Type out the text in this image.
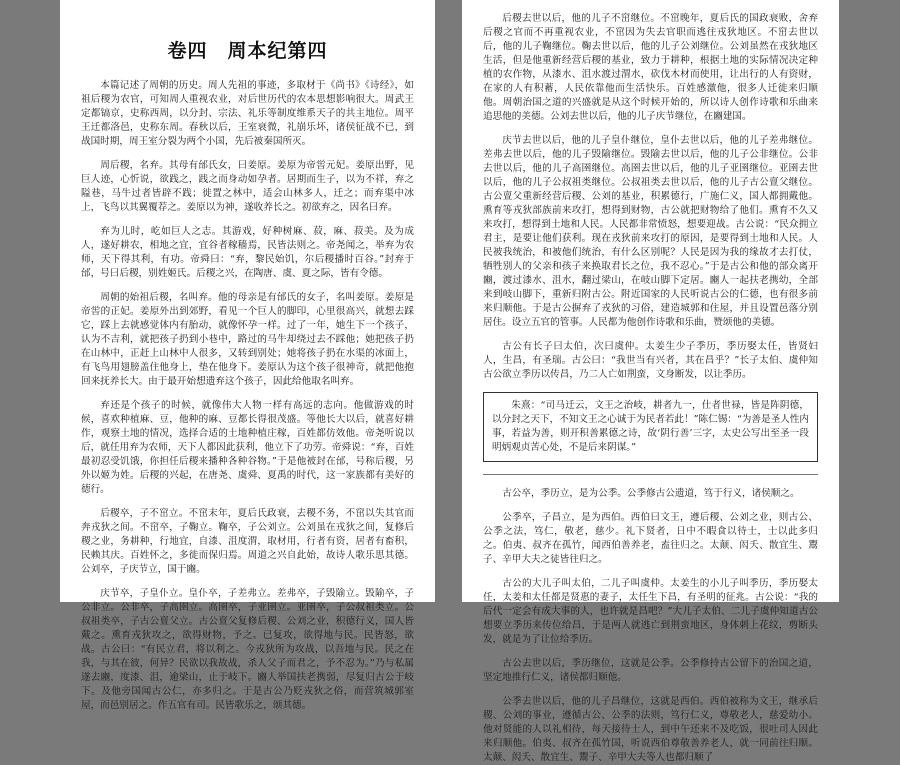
卷四　周本纪第四

本篇记述了周朝的历史。周人先祖的事迹，多取材于《尚书》《诗经》，如祖后稷为农官，可知周人重视农业，对后世历代的农本思想影响很大。周武王定都镐京，史称西周，以分封、宗法、礼乐等制度维系天子的共主地位。周平王迁都洛邑，史称东周。春秋以后，王室衰微，礼崩乐坏，诸侯征战不已，到战国时期，周王室分裂为两个小国，先后被秦国所灭。

周后稷，名弃。其母有邰氏女，曰姜原。姜原为帝喾元妃。姜原出野，见巨人迹，心忻说，欲践之，践之而身动如孕者。居期而生子，以为不祥，弃之隘巷，马牛过者皆辟不践；徙置之林中，适会山林多人，迁之；而弃渠中冰上，飞鸟以其翼覆荐之。姜原以为神，遂收养长之。初欲弃之，因名曰弃。

弃为儿时，屹如巨人之志。其游戏，好种树麻、菽，麻、菽美。及为成人，遂好耕农，相地之宜，宜谷者稼穑焉，民皆法则之。帝尧闻之，举弃为农师，天下得其利，有功。帝舜曰：“弃，黎民始饥，尔后稷播时百谷。”封弃于邰，号曰后稷，别姓姬氏。后稷之兴，在陶唐、虞、夏之际，皆有令德。

周朝的始祖后稷，名叫弃。他的母亲是有邰氏的女子，名叫姜原。姜原是帝喾的正妃。姜原外出到郊野，看见一个巨人的脚印，心里很高兴，就想去踩它，踩上去就感觉体内有胎动，就像怀孕一样。过了一年，她生下一个孩子，认为不吉利，就把孩子扔到小巷中，路过的马牛却绕过去不踩他；她把孩子扔在山林中，正赶上山林中人很多，又转到别处；她将孩子扔在水渠的冰面上，有飞鸟用翅膀盖住他身上，垫在他身下。姜原认为这个孩子很神奇，就把他抱回来抚养长大。由于最开始想遗弃这个孩子，因此给他取名叫弃。

弃还是个孩子的时候，就像伟大人物一样有高远的志向。他做游戏的时候，喜欢种植麻、豆，他种的麻、豆都长得很茂盛。等他长大以后，就喜好耕作，观察土地的情况，选择合适的土地种植庄稼，百姓都仿效他。帝尧听说以后，就任用弃为农师，天下人都因此获利，他立下了功劳。帝舜说：“弃，百姓最初忍受饥饿，你担任后稷来播种各种谷物。”于是他被封在邰，号称后稷，另外以姬为姓。后稷的兴起，在唐尧、虞舜、夏禹的时代，这一家族都有美好的德行。

后稷卒，子不窋立。不窋末年，夏后氏政衰，去稷不务，不窋以失其官而奔戎狄之间。不窋卒，子鞠立。鞠卒，子公刘立。公刘虽在戎狄之间，复修后稷之业，务耕种，行地宜，自漆、沮度渭，取材用，行者有资，居者有畜积，民赖其庆。百姓怀之，多徙而保归焉。周道之兴自此始，故诗人歌乐思其德。公刘卒，子庆节立，国于豳。

庆节卒，子皇仆立。皇仆卒，子差弗立。差弗卒，子毁隃立。毁隃卒，子公非立。公非卒，子高圉立。高圉卒，子亚圉立。亚圉卒，子公叔祖类立。公叔祖类卒，子古公亶父立。古公亶父复修后稷、公刘之业，积德行义，国人皆戴之。熏育戎狄攻之，欲得财物，予之。已复攻，欲得地与民。民皆怒，欲战。古公曰：“有民立君，将以利之。今戎狄所为攻战，以吾地与民。民之在我，与其在彼，何异？民欲以我故战，杀人父子而君之，予不忍为。”乃与私属遂去豳，度漆、沮，逾梁山，止于岐下。豳人举国扶老携弱，尽复归古公于岐下。及他旁国闻古公仁，亦多归之。于是古公乃贬戎狄之俗，而营筑城郭室屋，而邑别居之。作五官有司。民皆歌乐之，颂其德。

后稷去世以后，他的儿子不窋继位。不窋晚年，夏后氏的国政衰败，舍弃后稷之官而不再重视农业，不窋因为失去官职而逃往戎狄地区。不窋去世以后，他的儿子鞠继位。鞠去世以后，他的儿子公刘继位。公刘虽然在戎狄地区生活，但是他重新经营后稷的基业，致力于耕种，根据土地的实际情况决定种植的农作物，从漆水、沮水渡过渭水，砍伐木材而使用，让出行的人有资财，在家的人有积蓄，人民依靠他而生活快乐。百姓感激他，很多人迁徙来归顺他。周朝治国之道的兴盛就是从这个时候开始的，所以诗人创作诗歌和乐曲来追思他的美德。公刘去世以后，他的儿子庆节继位，在豳建国。

庆节去世以后，他的儿子皇仆继位，皇仆去世以后，他的儿子差弗继位。差弗去世以后，他的儿子毁隃继位。毁隃去世以后，他的儿子公非继位。公非去世以后，他的儿子高圉继位。高圉去世以后，他的儿子亚圉继位。亚圉去世以后，他的儿子公叔祖类继位。公叔祖类去世以后，他的儿子古公亶父继位。古公亶父重新经营后稷、公刘的基业，积累德行，广施仁义，国人都拥戴他。熏育等戎狄部族前来攻打，想得到财物，古公就把财物给了他们。熏育不久又来攻打，想得到土地和人民。人民都非常愤怒，想要迎战。古公说：“民众拥立君主，是要让他们获利。现在戎狄前来攻打的原因，是要得到土地和人民。人民被我统治，和被他们统治，有什么区别呢？人民是因为我的缘故才去打仗，牺牲别人的父亲和孩子来换取君长之位，我不忍心。”于是古公和他的部众离开豳，渡过漆水、沮水，翻过梁山，在岐山脚下定居。豳人一起扶老携幼，全部来到岐山脚下，重新归附古公。附近国家的人民听说古公的仁德，也有很多前来归顺他。于是古公摒弃了戎狄的习俗，建造城郭和住屋，并且设置邑落分别居住。设立五官的管事。人民都为他创作诗歌和乐曲，赞颂他的美德。

古公有长子曰太伯，次曰虞仲。太姜生少子季历，季历娶太任，皆贤妇人，生昌，有圣瑞。古公曰：“我世当有兴者，其在昌乎？”长子太伯、虞仲知古公欲立季历以传昌，乃二人亡如荆蛮，文身断发，以让季历。

朱熹：“司马迁云，文王之治岐，耕者九一，仕者世禄，皆是阵阴德，以分封之天下，不知文王之心诚于为民者若此！”陈仁锡：“为善是圣人性内事，若益为善，则开积善累德之诗，故‘阴行善’三字，太史公写出至圣一段明炳观贞苦心处，不是后来阴谋。”

古公卒，季历立，是为公季。公季修古公遗道，笃于行义，诸侯顺之。

公季卒，子昌立，是为西伯。西伯曰文王，遵后稷、公刘之业，则古公、公季之法，笃仁，敬老，慈少。礼下贤者，日中不暇食以待士，士以此多归之。伯夷、叔齐在孤竹，闻西伯善养老，盍往归之。太颠、闳夭、散宜生、鬻子、辛甲大夫之徒皆往归之。

古公的大儿子叫太伯，二儿子叫虞仲。太姜生的小儿子叫季历，季历娶太任，太姜和太任都是贤惠的妻子，太任生下昌，有圣明的征兆。古公说：“我的后代一定会有成大事的人，也许就是昌吧？”大儿子太伯、二儿子虞仲知道古公想要立季历来传位给昌，于是两人就逃亡到荆蛮地区，身体刺上花纹，剪断头发，就是为了让位给季历。

古公去世以后，季历继位，这就是公季。公季修持古公留下的治国之道，坚定地推行仁义，诸侯都归顺他。

公季去世以后，他的儿子昌继位，这就是西伯。西伯被称为文王，继承后稷、公刘的事业，遵循古公、公季的法则，笃行仁义，尊敬老人，慈爱幼小。他对贤能的人以礼相待，每天接待士人，到中午还来不及吃饭，很吐司人因此来归顺他。伯夷、叔齐在孤竹国，听说西伯尊敬善养老人，就一同前往归顺。太颠、闳夭、散宜生、鬻子、辛甲大夫等人也都归顺了
